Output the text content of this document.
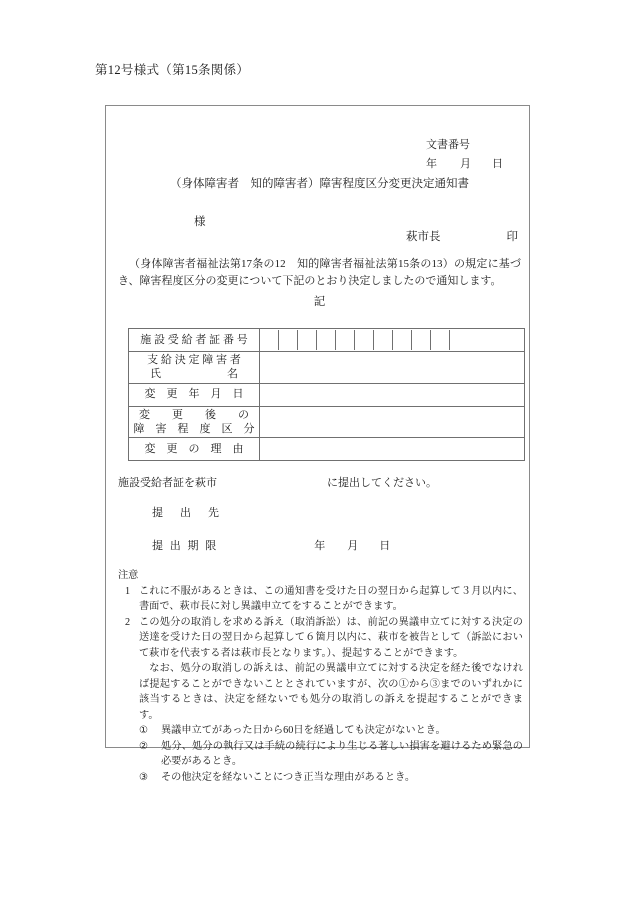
第12号様式（第15条関係）
文書番号
年 月 日
（身体障害者　知的障害者）障害程度区分変更決定通知書
様
萩市長	印
（身体障害者福祉法第17条の12　知的障害者福祉法第15条の13）の規定に基づき、障害程度区分の変更について下記のとおり決定しましたので通知します。
記
施設受給者証番号	

支給決定障害者
氏　　　　　　名	

変　更　年　月　日	

変　　更　　後　　の
障　害　程　度　区　分	

変　更　の　理　由	

施設受給者証を萩市	に提出してください。
提　出　先
提 出 期 限	年 月 日
注意
1 これに不服があるときは、この通知書を受けた日の翌日から起算して３月以内に、書面で、萩市長に対し異議申立てをすることができます。
2 この処分の取消しを求める訴え（取消訴訟）は、前記の異議申立てに対する決定の送達を受けた日の翌日から起算して６箇月以内に、萩市を被告として（訴訟において萩市を代表する者は萩市長となります。）、提起することができます。
なお、処分の取消しの訴えは、前記の異議申立てに対する決定を経た後でなければ提起することができないこととされていますが、次の①から③までのいずれかに該当するときは、決定を経ないでも処分の取消しの訴えを提起することができます。
①	異議申立てがあった日から60日を経過しても決定がないとき。
②	処分、処分の執行又は手続の続行により生じる著しい損害を避けるため緊急の必要があるとき。
③	その他決定を経ないことにつき正当な理由があるとき。
